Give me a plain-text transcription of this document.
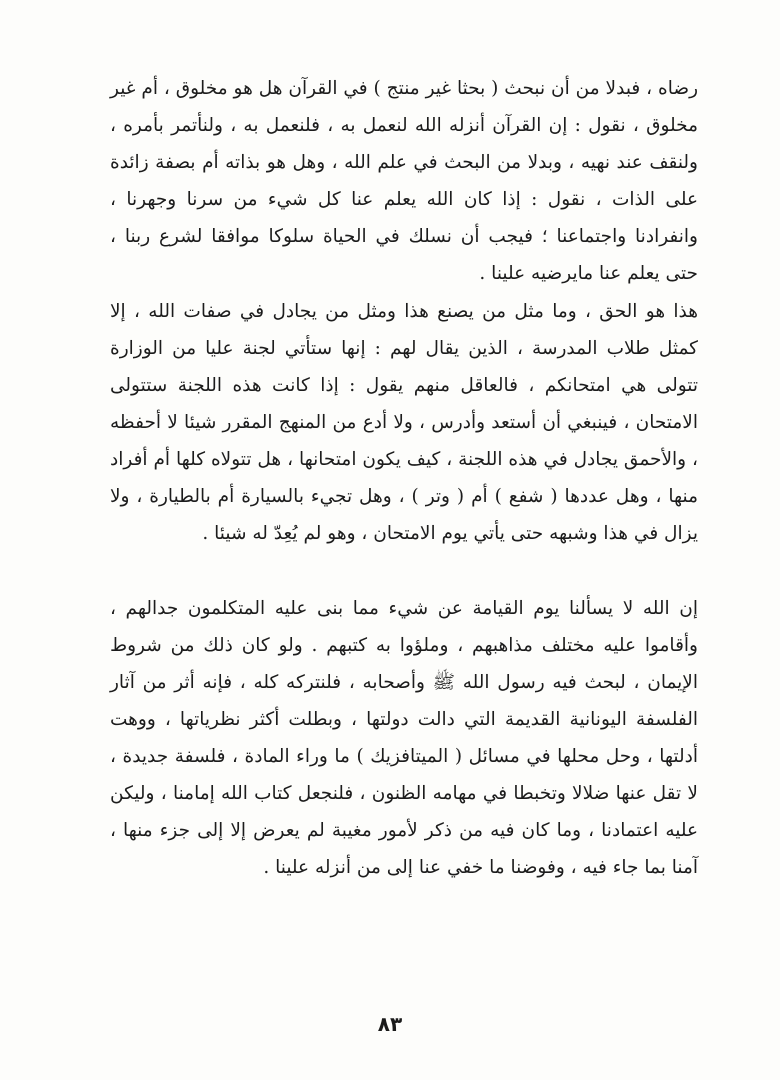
رضاه ، فبدلا من أن نبحث ( بحثا غير منتج ) في القرآن هل هو مخلوق ، أم غير مخلوق ، نقول : إن القرآن أنزله الله لنعمل به ، فلنعمل به ، ولنأتمر بأمره ، ولنقف عند نهيه ، وبدلا من البحث في علم الله ، وهل هو بذاته أم بصفة زائدة على الذات ، نقول : إذا كان الله يعلم عنا كل شيء من سرنا وجهرنا ، وانفرادنا واجتماعنا ؛ فيجب أن نسلك في الحياة سلوكا موافقا لشرع ربنا ، حتى يعلم عنا مايرضيه علينا .

هذا هو الحق ، وما مثل من يصنع هذا ومثل من يجادل في صفات الله ، إلا كمثل طلاب المدرسة ، الذين يقال لهم : إنها ستأتي لجنة عليا من الوزارة تتولى هي امتحانكم ، فالعاقل منهم يقول : إذا كانت هذه اللجنة ستتولى الامتحان ، فينبغي أن أستعد وأدرس ، ولا أدع من المنهج المقرر شيئا لا أحفظه ، والأحمق يجادل في هذه اللجنة ، كيف يكون امتحانها ، هل تتولاه كلها أم أفراد منها ، وهل عددها ( شفع ) أم ( وتر ) ، وهل تجيء بالسيارة أم بالطيارة ، ولا يزال في هذا وشبهه حتى يأتي يوم الامتحان ، وهو لم يُعِدّ له شيئا .

إن الله لا يسألنا يوم القيامة عن شيء مما بنى عليه المتكلمون جدالهم ، وأقاموا عليه مختلف مذاهبهم ، وملؤوا به كتبهم . ولو كان ذلك من شروط الإيمان ، لبحث فيه رسول الله ﷺ وأصحابه ، فلنتركه كله ، فإنه أثر من آثار الفلسفة اليونانية القديمة التي دالت دولتها ، وبطلت أكثر نظرياتها ، ووهت أدلتها ، وحل محلها في مسائل ( الميتافزيك ) ما وراء المادة ، فلسفة جديدة ، لا تقل عنها ضلالا وتخبطا في مهامه الظنون ، فلنجعل كتاب الله إمامنا ، وليكن عليه اعتمادنا ، وما كان فيه من ذكر لأمور مغيبة لم يعرض إلا إلى جزء منها ، آمنا بما جاء فيه ، وفوضنا ما خفي عنا إلى من أنزله علينا .

٨٣
